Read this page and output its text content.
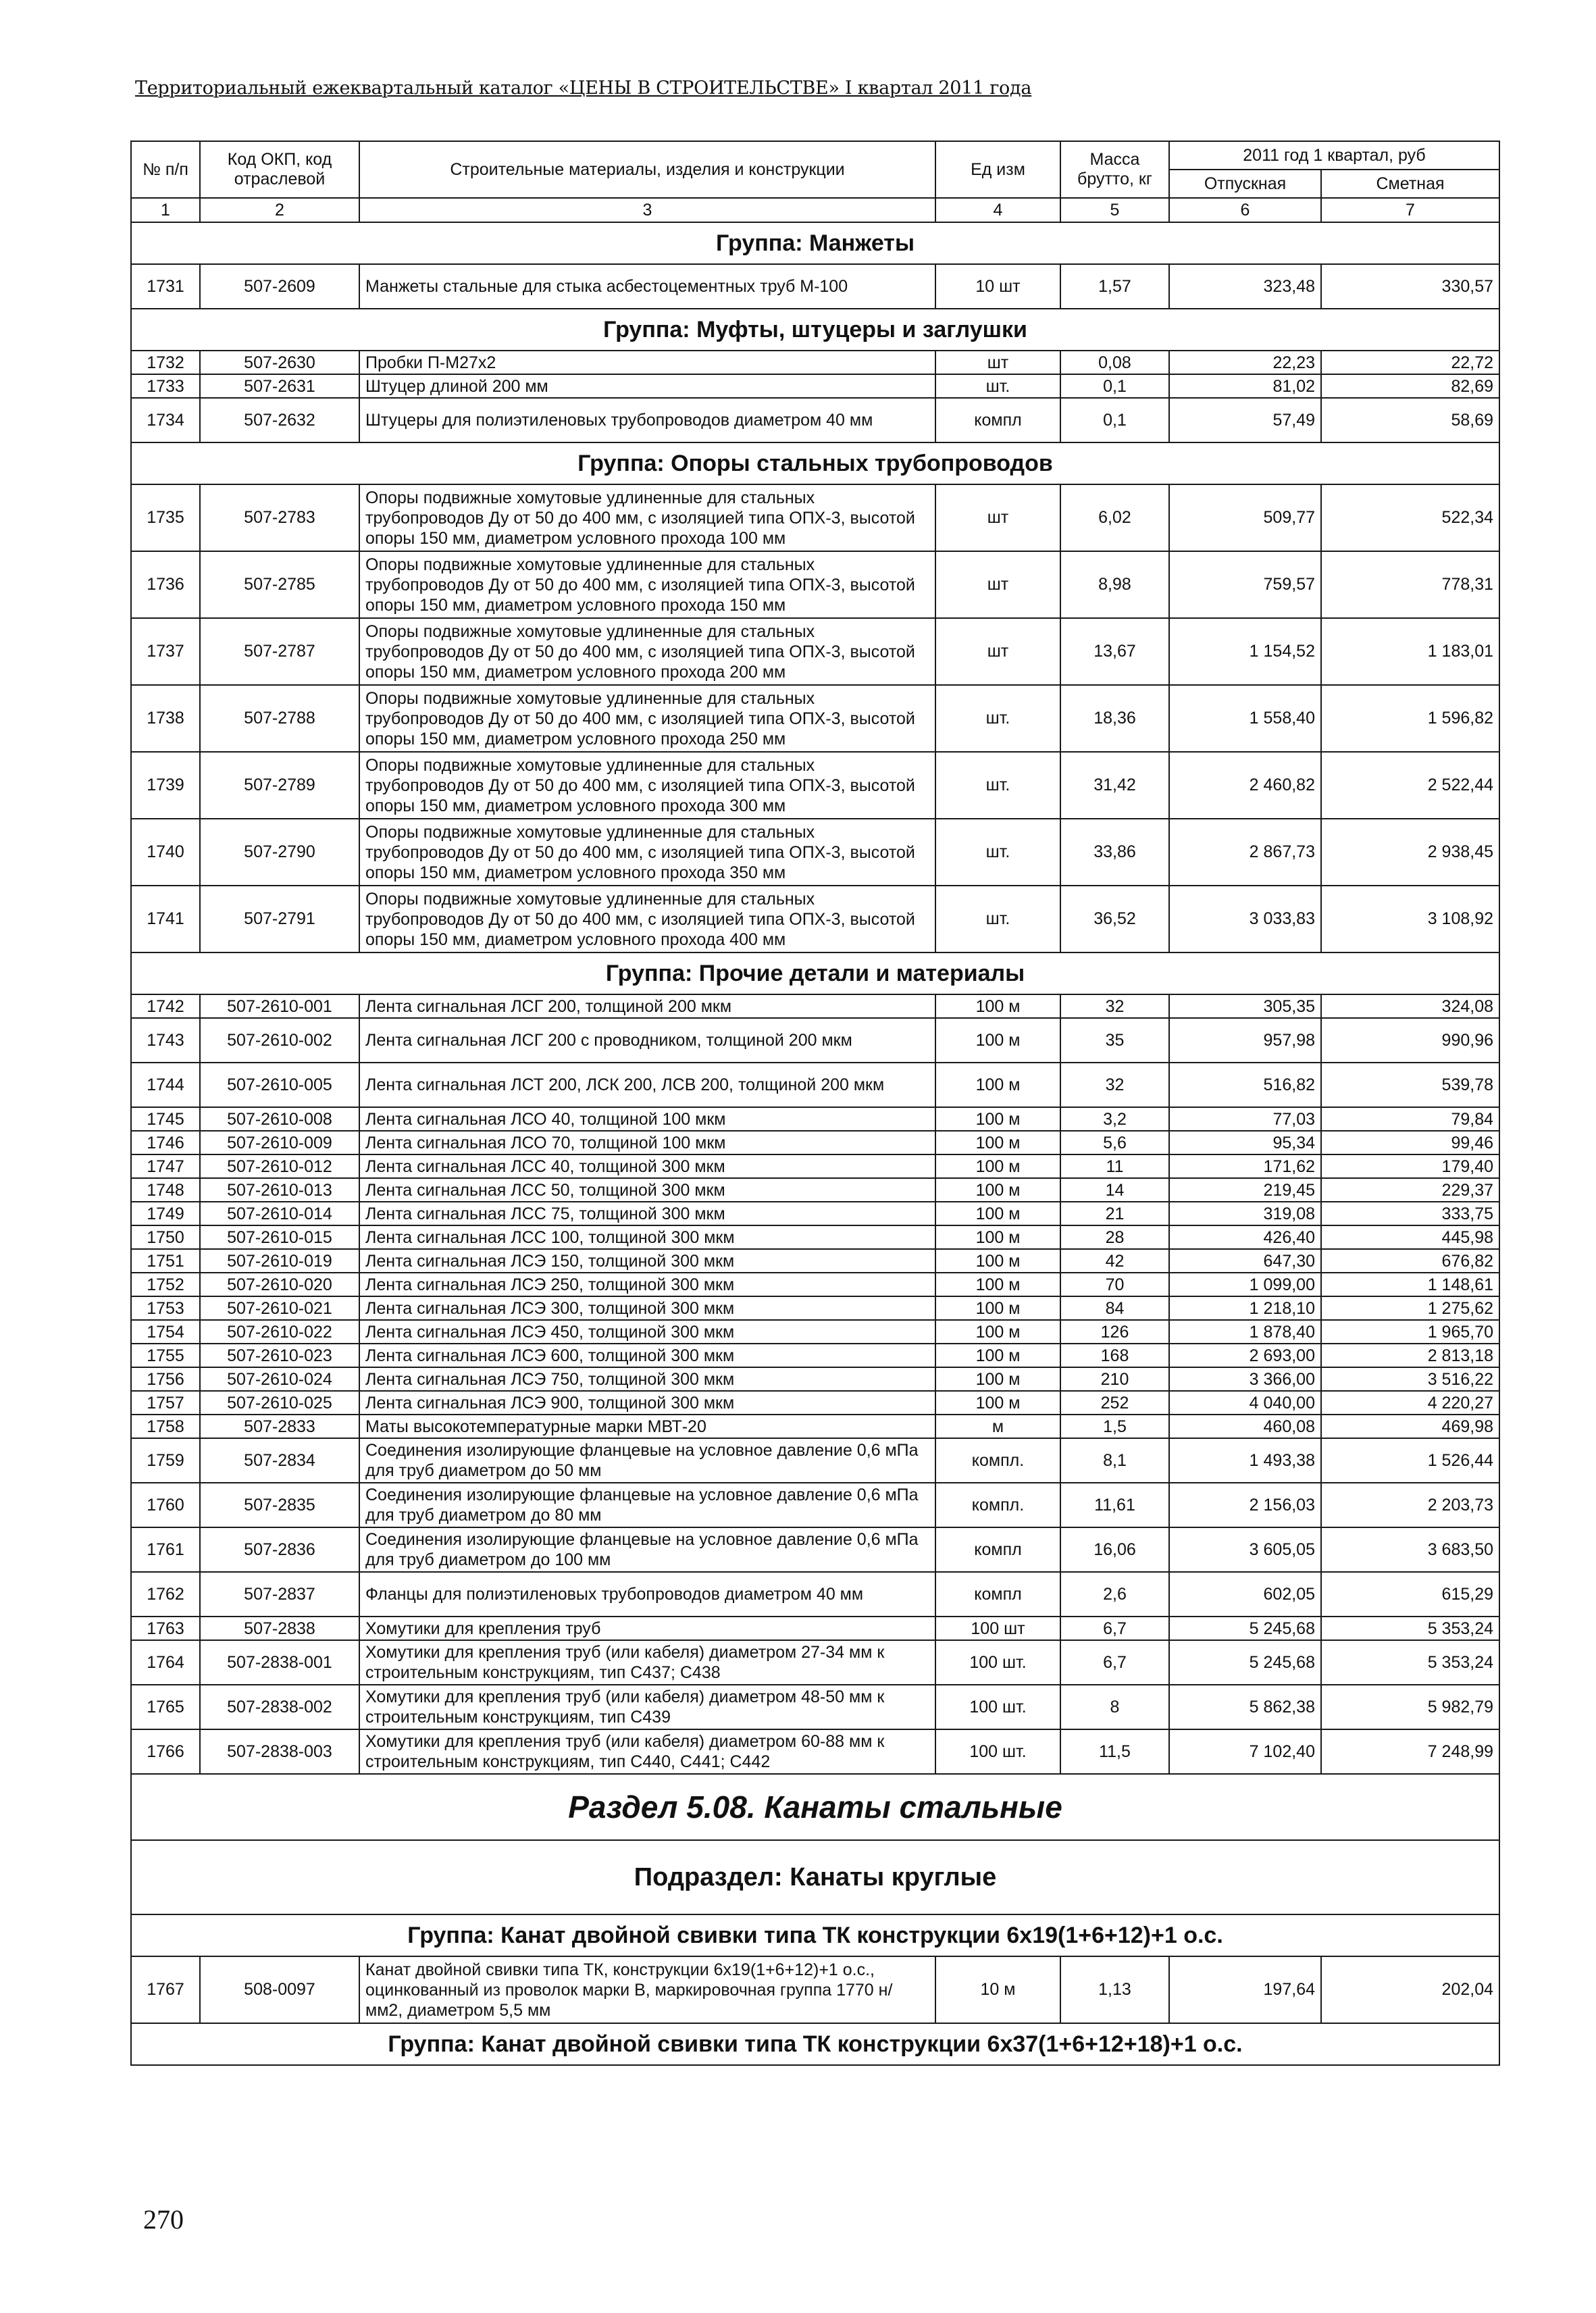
Территориальный ежеквартальный каталог «ЦЕНЫ В СТРОИТЕЛЬСТВЕ» I квартал 2011 года
№ п/п	Код ОКП, код отраслевой	Строительные материалы, изделия и конструкции	Ед изм	Масса брутто, кг	2011 год 1 квартал, руб	
					Отпускная	Сметная
1	2	3	4	5	6	7
Группа: Манжеты						
1731	507-2609	Манжеты стальные для стыка асбестоцементных труб М-100	10 шт	1,57	323,48	330,57
Группа: Муфты, штуцеры и заглушки						
1732	507-2630	Пробки П-М27х2	шт	0,08	22,23	22,72
1733	507-2631	Штуцер длиной 200 мм	шт.	0,1	81,02	82,69
1734	507-2632	Штуцеры для полиэтиленовых трубопроводов диаметром 40 мм	компл	0,1	57,49	58,69
Группа: Опоры стальных трубопроводов						
1735	507-2783	Опоры подвижные хомутовые удлиненные для стальных трубопроводов Ду от 50 до 400 мм, с изоляцией типа ОПХ-3, высотой опоры 150 мм, диаметром условного прохода 100 мм	шт	6,02	509,77	522,34
1736	507-2785	Опоры подвижные хомутовые удлиненные для стальных трубопроводов Ду от 50 до 400 мм, с изоляцией типа ОПХ-3, высотой опоры 150 мм, диаметром условного прохода 150 мм	шт	8,98	759,57	778,31
1737	507-2787	Опоры подвижные хомутовые удлиненные для стальных трубопроводов Ду от 50 до 400 мм, с изоляцией типа ОПХ-3, высотой опоры 150 мм, диаметром условного прохода 200 мм	шт	13,67	1 154,52	1 183,01
1738	507-2788	Опоры подвижные хомутовые удлиненные для стальных трубопроводов Ду от 50 до 400 мм, с изоляцией типа ОПХ-3, высотой опоры 150 мм, диаметром условного прохода 250 мм	шт.	18,36	1 558,40	1 596,82
1739	507-2789	Опоры подвижные хомутовые удлиненные для стальных трубопроводов Ду от 50 до 400 мм, с изоляцией типа ОПХ-3, высотой опоры 150 мм, диаметром условного прохода 300 мм	шт.	31,42	2 460,82	2 522,44
1740	507-2790	Опоры подвижные хомутовые удлиненные для стальных трубопроводов Ду от 50 до 400 мм, с изоляцией типа ОПХ-3, высотой опоры 150 мм, диаметром условного прохода 350 мм	шт.	33,86	2 867,73	2 938,45
1741	507-2791	Опоры подвижные хомутовые удлиненные для стальных трубопроводов Ду от 50 до 400 мм, с изоляцией типа ОПХ-3, высотой опоры 150 мм, диаметром условного прохода 400 мм	шт.	36,52	3 033,83	3 108,92
Группа: Прочие детали и материалы						
1742	507-2610-001	Лента сигнальная ЛСГ 200, толщиной 200 мкм	100 м	32	305,35	324,08
1743	507-2610-002	Лента сигнальная ЛСГ 200 с проводником, толщиной 200 мкм	100 м	35	957,98	990,96
1744	507-2610-005	Лента сигнальная ЛСТ 200, ЛСК 200, ЛСВ 200, толщиной 200 мкм	100 м	32	516,82	539,78
1745	507-2610-008	Лента сигнальная ЛСО 40, толщиной 100 мкм	100 м	3,2	77,03	79,84
1746	507-2610-009	Лента сигнальная ЛСО 70, толщиной 100 мкм	100 м	5,6	95,34	99,46
1747	507-2610-012	Лента сигнальная ЛСС 40, толщиной 300 мкм	100 м	11	171,62	179,40
1748	507-2610-013	Лента сигнальная ЛСС 50, толщиной 300 мкм	100 м	14	219,45	229,37
1749	507-2610-014	Лента сигнальная ЛСС 75, толщиной 300 мкм	100 м	21	319,08	333,75
1750	507-2610-015	Лента сигнальная ЛСС 100, толщиной 300 мкм	100 м	28	426,40	445,98
1751	507-2610-019	Лента сигнальная ЛСЭ 150, толщиной 300 мкм	100 м	42	647,30	676,82
1752	507-2610-020	Лента сигнальная ЛСЭ 250, толщиной 300 мкм	100 м	70	1 099,00	1 148,61
1753	507-2610-021	Лента сигнальная ЛСЭ 300, толщиной 300 мкм	100 м	84	1 218,10	1 275,62
1754	507-2610-022	Лента сигнальная ЛСЭ 450, толщиной 300 мкм	100 м	126	1 878,40	1 965,70
1755	507-2610-023	Лента сигнальная ЛСЭ 600, толщиной 300 мкм	100 м	168	2 693,00	2 813,18
1756	507-2610-024	Лента сигнальная ЛСЭ 750, толщиной 300 мкм	100 м	210	3 366,00	3 516,22
1757	507-2610-025	Лента сигнальная ЛСЭ 900, толщиной 300 мкм	100 м	252	4 040,00	4 220,27
1758	507-2833	Маты высокотемпературные марки МВТ-20	м	1,5	460,08	469,98
1759	507-2834	Соединения изолирующие фланцевые на условное давление 0,6 мПа для труб диаметром до 50 мм	компл.	8,1	1 493,38	1 526,44
1760	507-2835	Соединения изолирующие фланцевые на условное давление 0,6 мПа для труб диаметром до 80 мм	компл.	11,61	2 156,03	2 203,73
1761	507-2836	Соединения изолирующие фланцевые на условное давление 0,6 мПа для труб диаметром до 100 мм	компл	16,06	3 605,05	3 683,50
1762	507-2837	Фланцы для полиэтиленовых трубопроводов диаметром 40 мм	компл	2,6	602,05	615,29
1763	507-2838	Хомутики для крепления труб	100 шт	6,7	5 245,68	5 353,24
1764	507-2838-001	Хомутики для крепления труб (или кабеля) диаметром 27-34 мм к строительным конструкциям, тип С437; С438	100 шт.	6,7	5 245,68	5 353,24
1765	507-2838-002	Хомутики для крепления труб (или кабеля) диаметром 48-50 мм к строительным конструкциям, тип С439	100 шт.	8	5 862,38	5 982,79
1766	507-2838-003	Хомутики для крепления труб (или кабеля) диаметром 60-88 мм к строительным конструкциям, тип С440, С441; С442	100 шт.	11,5	7 102,40	7 248,99
Раздел 5.08. Канаты стальные						
Подраздел: Канаты круглые						
Группа: Канат двойной свивки типа ТК конструкции 6х19(1+6+12)+1 о.с.						
1767	508-0097	Канат двойной свивки типа ТК, конструкции 6х19(1+6+12)+1 о.с., оцинкованный из проволок марки В, маркировочная группа 1770 н/мм2, диаметром 5,5 мм	10 м	1,13	197,64	202,04
Группа: Канат двойной свивки типа ТК конструкции 6х37(1+6+12+18)+1 о.с.						
270
